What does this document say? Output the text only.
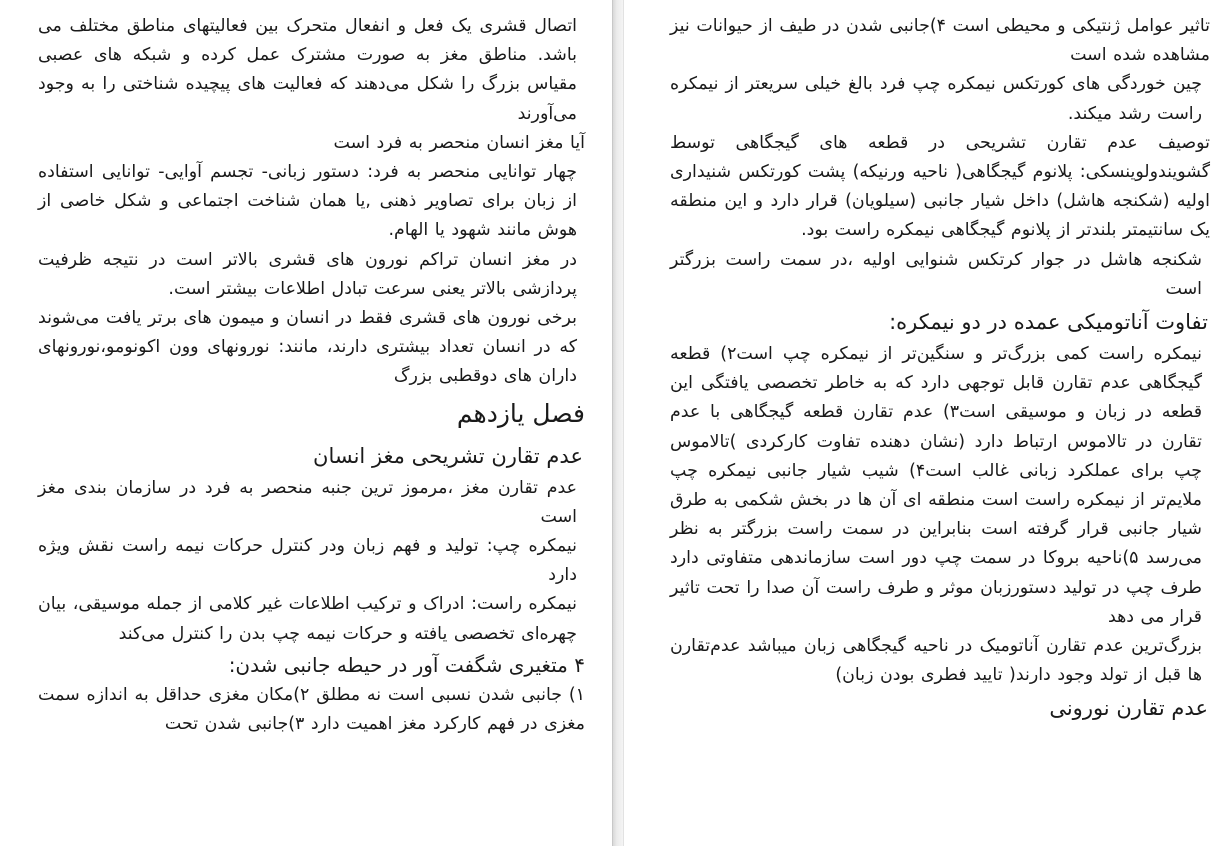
اتصال قشری یک فعل و انفعال متحرک بین فعالیتهای مناطق مختلف می باشد. مناطق مغز به صورت مشترک عمل کرده و شبکه های عصبی مقیاس بزرگ را شکل می‌دهند که فعالیت های پیچیده شناختی را به وجود می‌آورند

آیا مغز انسان منحصر به فرد است

چهار توانایی منحصر به فرد: دستور زبانی- تجسم آوایی- توانایی استفاده از زبان برای تصاویر ذهنی ,یا همان شناخت اجتماعی و شکل خاصی از هوش مانند شهود یا الهام.

در مغز انسان تراکم نورون های قشری بالاتر است در نتیجه ظرفیت پردازشی بالاتر یعنی سرعت تبادل اطلاعات بیشتر است.

برخی نورون های قشری فقط در انسان و میمون های برتر یافت می‌شوند که در انسان تعداد بیشتری دارند، مانند: نورونهای وون اکونومو،نورونهای داران های دوقطبی بزرگ

فصل یازدهم
عدم تقارن تشریحی مغز انسان

عدم تقارن مغز ،مرموز ترین جنبه منحصر به فرد در سازمان بندی مغز است

نیمکره چپ: تولید و فهم زبان ودر کنترل حرکات نیمه راست نقش ویژه دارد

نیمکره راست: ادراک و ترکیب اطلاعات غیر کلامی از جمله موسیقی، بیان چهره‌ای تخصصی یافته و حرکات نیمه چپ بدن را کنترل می‌کند

۴ متغیری شگفت آور در حیطه جانبی شدن:

۱) جانبی شدن نسبی است نه مطلق ۲)مکان مغزی حداقل به اندازه سمت مغزی در فهم کارکرد مغز اهمیت دارد ۳)جانبی شدن تحت

تاثیر عوامل ژنتیکی و محیطی است ۴)جانبی شدن در طیف از حیوانات نیز مشاهده شده است

چین خوردگی های کورتکس نیمکره چپ فرد بالغ خیلی سریعتر از نیمکره راست رشد میکند.

توصیف عدم تقارن تشریحی در قطعه های گیجگاهی توسط گشویندولوینسکی: پلانوم گیجگاهی( ناحیه ورنیکه) پشت کورتکس شنیداری اولیه (شکنجه هاشل) داخل شیار جانبی (سیلویان) قرار دارد و این منطقه یک سانتیمتر بلندتر از پلانوم گیجگاهی نیمکره راست بود.

شکنجه هاشل در جوار کرتکس شنوایی اولیه ،در سمت راست بزرگتر است

تفاوت آناتومیکی عمده در دو نیمکره:

نیمکره راست کمی بزرگ‌تر و سنگین‌تر از نیمکره چپ است۲) قطعه گیجگاهی عدم تقارن قابل توجهی دارد که به خاطر تخصصی یافتگی این قطعه در زبان و موسیقی است۳) عدم تقارن قطعه گیجگاهی با عدم تقارن در تالاموس ارتباط دارد (نشان دهنده تفاوت کارکردی )تالاموس چپ برای عملکرد زبانی غالب است۴) شیب شیار جانبی نیمکره چپ ملایم‌تر از نیمکره راست است منطقه ای آن ها در بخش شکمی به طرق شیار جانبی قرار گرفته است بنابراین در سمت راست بزرگتر به نظر می‌رسد ۵)ناحیه بروکا در سمت چپ دور است سازماندهی متفاوتی دارد طرف چپ در تولید دستورزبان موثر و طرف راست آن صدا را تحت تاثیر قرار می دهد

بزرگ‌ترین عدم تقارن آناتومیک در ناحیه گیجگاهی زبان میباشد عدم‌تقارن ها قبل از تولد وجود دارند( تایید فطری بودن زبان)

عدم تقارن نورونی
